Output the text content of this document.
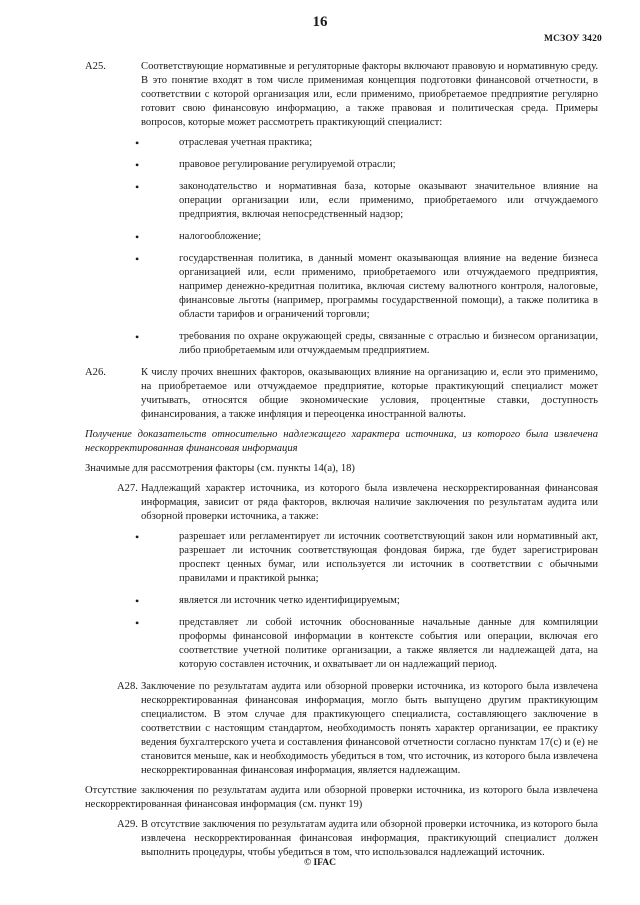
16
МСЗОУ 3420
А25.	Соответствующие нормативные и регуляторные факторы включают правовую и нормативную среду. В это понятие входят в том числе применимая концепция подготовки финансовой отчетности, в соответствии с которой организация или, если применимо, приобретаемое предприятие регулярно готовит свою финансовую информацию, а также правовая и политическая среда. Примеры вопросов, которые может рассмотреть практикующий специалист:
• отраслевая учетная практика;
• правовое регулирование регулируемой отрасли;
• законодательство и нормативная база, которые оказывают значительное влияние на операции организации или, если применимо, приобретаемого или отчуждаемого предприятия, включая непосредственный надзор;
• налогообложение;
• государственная политика, в данный момент оказывающая влияние на ведение бизнеса организацией или, если применимо, приобретаемого или отчуждаемого предприятия, например денежно-кредитная политика, включая систему валютного контроля, налоговые, финансовые льготы (например, программы государственной помощи), а также политика в области тарифов и ограничений торговли;
• требования по охране окружающей среды, связанные с отраслью и бизнесом организации, либо приобретаемым или отчуждаемым предприятием.
А26.	К числу прочих внешних факторов, оказывающих влияние на организацию и, если это применимо, на приобретаемое или отчуждаемое предприятие, которые практикующий специалист может учитывать, относятся общие экономические условия, процентные ставки, доступность финансирования, а также инфляция и переоценка иностранной валюты.

Получение доказательств относительно надлежащего характера источника, из которого была извлечена нескорректированная финансовая информация

Значимые для рассмотрения факторы (см. пункты 14(а), 18)

А27. Надлежащий характер источника, из которого была извлечена нескорректированная финансовая информация, зависит от ряда факторов, включая наличие заключения по результатам аудита или обзорной проверки источника, а также:
• разрешает или регламентирует ли источник соответствующий закон или нормативный акт, разрешает ли источник соответствующая фондовая биржа, где будет зарегистрирован проспект ценных бумаг, или используется ли источник в соответствии с обычными правилами и практикой рынка;
• является ли источник четко идентифицируемым;
• представляет ли собой источник обоснованные начальные данные для компиляции проформы финансовой информации в контексте события или операции, включая его соответствие учетной политике организации, а также является ли надлежащей дата, на которую составлен источник, и охватывает ли он надлежащий период.
А28. Заключение по результатам аудита или обзорной проверки источника, из которого была извлечена нескорректированная финансовая информация, могло быть выпущено другим практикующим специалистом. В этом случае для практикующего специалиста, составляющего заключение в соответствии с настоящим стандартом, необходимость понять характер организации, ее практику ведения бухгалтерского учета и составления финансовой отчетности согласно пунктам 17(с) и (е) не становится меньше, как и необходимость убедиться в том, что источник, из которого была извлечена нескорректированная финансовая информация, является надлежащим.

Отсутствие заключения по результатам аудита или обзорной проверки источника, из которого была извлечена нескорректированная финансовая информация (см. пункт 19)

А29. В отсутствие заключения по результатам аудита или обзорной проверки источника, из которого была извлечена нескорректированная финансовая информация, практикующий специалист должен выполнить процедуры, чтобы убедиться в том, что использовался надлежащий источник.
© IFAC
